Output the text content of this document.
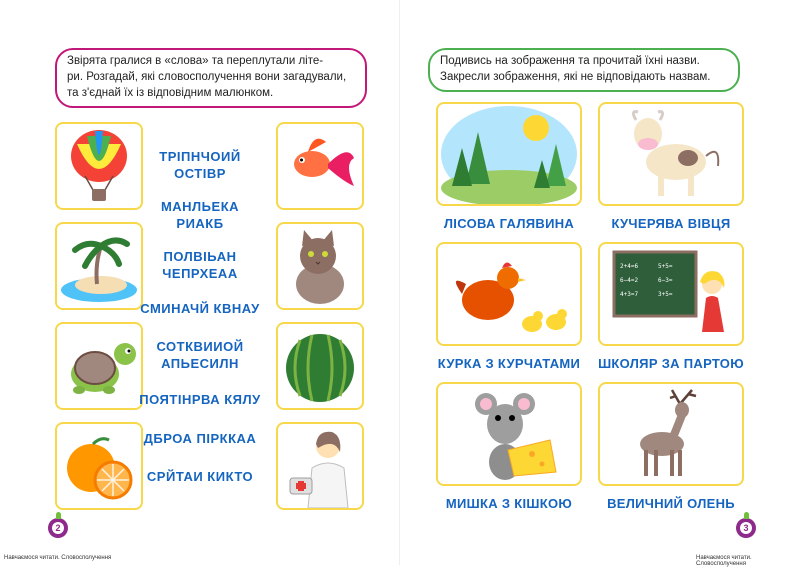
Звірята гралися в «слова» та переплутали літе-

ри. Розгадай, які словосполучення вони загадували,

та з'єднай їх із відповідним малюнком.

ТРІПНЧОИЙ
ОСТІВР
МАНЛЬЕКА
РИАКБ
ПОЛВІЬАН
ЧЕПРХЕАА
СМИНАЧЙ КВНАУ
СОТКВИИОЙ
АПЬЕСИЛН
ПОЯТІНРВА КЯЛУ
ДБРОА ПІРККАА
СРЙТАИ КИКТО
2
Навчаємося читати. Словосполучення

Подивись на зображення та прочитай їхні назви.

Закресли зображення, які не відповідають назвам.

ЛІСОВА ГАЛЯВИНА	КУЧЕРЯВА ВІВЦЯ
КУРКА З КУРЧАТАМИ
2+4=6	5+5=
6−4=2	6−3=
4+3=7	3+5=
ШКОЛЯР ЗА ПАРТОЮ
МИШКА З КІШКОЮ	ВЕЛИЧНИЙ ОЛЕНЬ
3
Навчаємося читати. Словосполучення
